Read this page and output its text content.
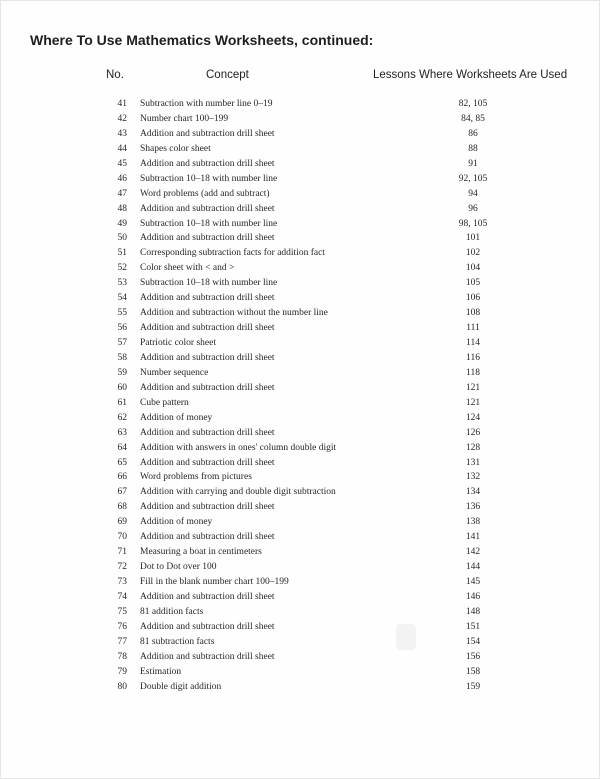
Where To Use Mathematics Worksheets, continued:
No.	Concept	Lessons Where Worksheets Are Used
41 Subtraction with number line 0–19	82, 105
42 Number chart 100–199	84, 85
43 Addition and subtraction drill sheet	86
44 Shapes color sheet	88
45 Addition and subtraction drill sheet	91
46 Subtraction 10–18 with number line	92, 105
47 Word problems (add and subtract)	94
48 Addition and subtraction drill sheet	96
49 Subtraction 10–18 with number line	98, 105
50 Addition and subtraction drill sheet	101
51 Corresponding subtraction facts for addition fact	102
52 Color sheet with < and >	104
53 Subtraction 10–18 with number line	105
54 Addition and subtraction drill sheet	106
55 Addition and subtraction without the number line	108
56 Addition and subtraction drill sheet	111
57 Patriotic color sheet	114
58 Addition and subtraction drill sheet	116
59 Number sequence	118
60 Addition and subtraction drill sheet	121
61 Cube pattern	121
62 Addition of money	124
63 Addition and subtraction drill sheet	126
64 Addition with answers in ones' column double digit	128
65 Addition and subtraction drill sheet	131
66 Word problems from pictures	132
67 Addition with carrying and double digit subtraction	134
68 Addition and subtraction drill sheet	136
69 Addition of money	138
70 Addition and subtraction drill sheet	141
71 Measuring a boat in centimeters	142
72 Dot to Dot over 100	144
73 Fill in the blank number chart 100–199	145
74 Addition and subtraction drill sheet	146
75 81 addition facts	148
76 Addition and subtraction drill sheet	151
77 81 subtraction facts	154
78 Addition and subtraction drill sheet	156
79 Estimation	158
80 Double digit addition	159
